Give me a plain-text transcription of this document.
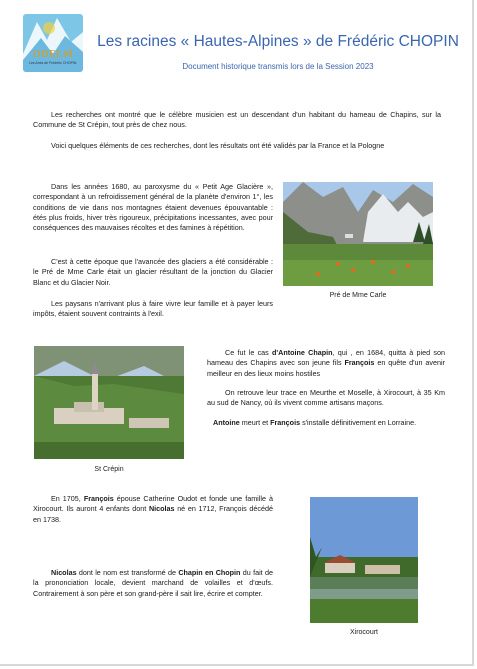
ODELM
Les Amis de Frédéric CHOPIN
Les racines « Hautes-Alpines » de Frédéric CHOPIN
Document historique transmis lors de la Session 2023

Les recherches ont montré que le célèbre musicien est un descendant d'un habitant du hameau de Chapins, sur la Commune de St Crépin, tout près de chez nous.

Voici quelques éléments de ces recherches, dont les résultats ont été validés par la France et la Pologne

Dans les années 1680, au paroxysme du « Petit Age Glacière », correspondant à un refroidissement général de la planète d'environ 1°, les conditions de vie dans nos montagnes étaient devenues épouvantable : étés plus froids, hiver très rigoureux, précipitations incessantes, avec pour conséquences des mauvaises récoltes et des famines à répétition.

C'est à cette époque que l'avancée des glaciers a été considérable : le Pré de Mme Carle était un glacier résultant de la jonction du Glacier Blanc et du Glacier Noir.

Les paysans n'arrivant plus à faire vivre leur famille et à payer leurs impôts, étaient souvent contraints à l'exil.

Pré de Mme Carle
St Crépin

Ce fut le cas d'Antoine Chapin, qui , en 1684, quitta à pied son hameau des Chapins avec son jeune fils François en quête d'un avenir meilleur en des lieux moins hostiles

On retrouve leur trace en Meurthe et Moselle, à Xirocourt, à 35 Km au sud de Nancy, où ils vivent comme artisans maçons.

Antoine meurt et François s'installe définitivement en Lorraine.

En 1705, François épouse Catherine Oudot et fonde une famille à Xirocourt. Ils auront 4 enfants dont Nicolas né en 1712, François décédé en 1738.

Nicolas dont le nom est transformé de Chapin en Chopin du fait de la prononciation locale, devient marchand de volailles et d'œufs. Contrairement à son père et son grand-père il sait lire, écrire et compter.

Xirocourt
